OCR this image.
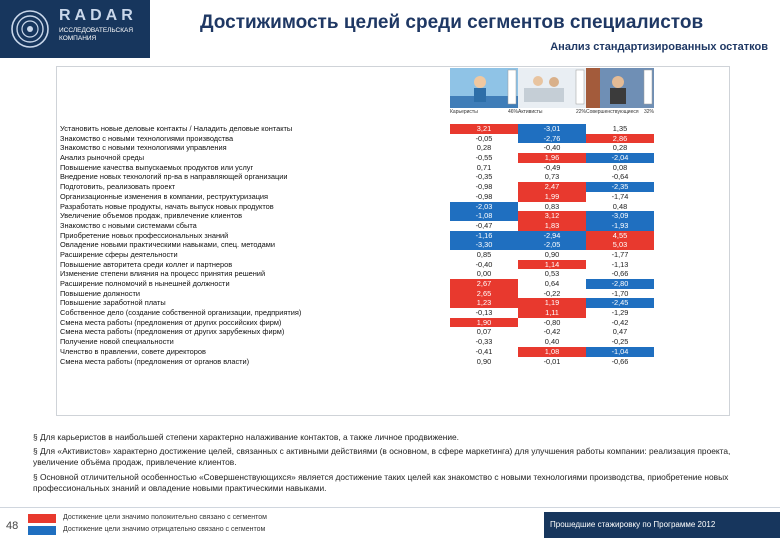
RADAR
ИССЛЕДОВАТЕЛЬСКАЯ КОМПАНИЯ
Достижимость целей среди сегментов специалистов
Анализ стандартизированных остатков
Карьеристы	46% Активисты	22% Совершенствующиеся 32%
Установить новые деловые контакты / Наладить деловые контакты
Знакомство с новыми технологиями производства
Знакомство с новыми технологиями управления
Анализ рыночной среды
Повышение качества выпускаемых продуктов или услуг
Внедрение новых технологий пр-ва в направляющей организации
Подготовить, реализовать проект
Организационные изменения в компании, реструктуризация
Разработать новые продукты, начать выпуск новых продуктов
Увеличение объемов продаж, привлечение клиентов
Знакомство с новыми системами сбыта
Приобретение новых профессиональных знаний
Овладение новыми практическими навыками, спец. методами
Расширение сферы деятельности
Повышение авторитета среди коллег и партнеров
Изменение степени влияния на процесс принятия решений
Расширение полномочий в нынешней должности
Повышение должности
Повышение заработной платы
Собственное дело (создание собственной организации, предприятия)
Смена места работы (предложения от других российских фирм)
Смена места работы (предложения от других зарубежных фирм)
Получение новой специальности
Членство в правлении, совете директоров
Смена места работы (предложения от органов власти)
3,21
-0,05
0,28
-0,55
0,71
-0,35
-0,98
-0,98
-2,03
-1,08
-0,47
-1,16
-3,30
0,85
-0,40
0,00
2,67
2,65
1,23
-0,13
1,90
0,07
-0,33
-0,41
0,90
-3,01
-2,76
-0,40
1,96
-0,49
0,73
2,47
1,99
0,83
3,12
1,83
-2,94
-2,05
0,90
1,14
0,53
0,64
-0,22
1,19
1,11
-0,80
-0,42
0,40
1,08
-0,01
1,35
2,86
0,28
-2,04
0,08
-0,64
-2,35
-1,74
0,48
-3,09
-1,93
4,55
5,03
-1,77
-1,13
-0,66
-2,80
-1,70
-2,45
-1,29
-0,42
0,47
-0,25
-1,04
-0,66
§ Для карьеристов в наибольшей степени характерно налаживание контактов, а также личное продвижение.
§ Для «Активистов» характерно достижение целей, связанных с активными действиями (в основном, в сфере маркетинга) для улучшения работы компании: реализация проекта, увеличение объёма продаж, привлечение клиентов.
§ Основной отличительной особенностью «Совершенствующихся» является достижение таких целей как знакомство с новыми технологиями производства, приобретение новых профессиональных знаний и овладение новыми практическими навыками.
48
Достижение цели значимо положительно связано с сегментом
Достижение цели значимо отрицательно связано с сегментом
Прошедшие стажировку по Программе 2012
